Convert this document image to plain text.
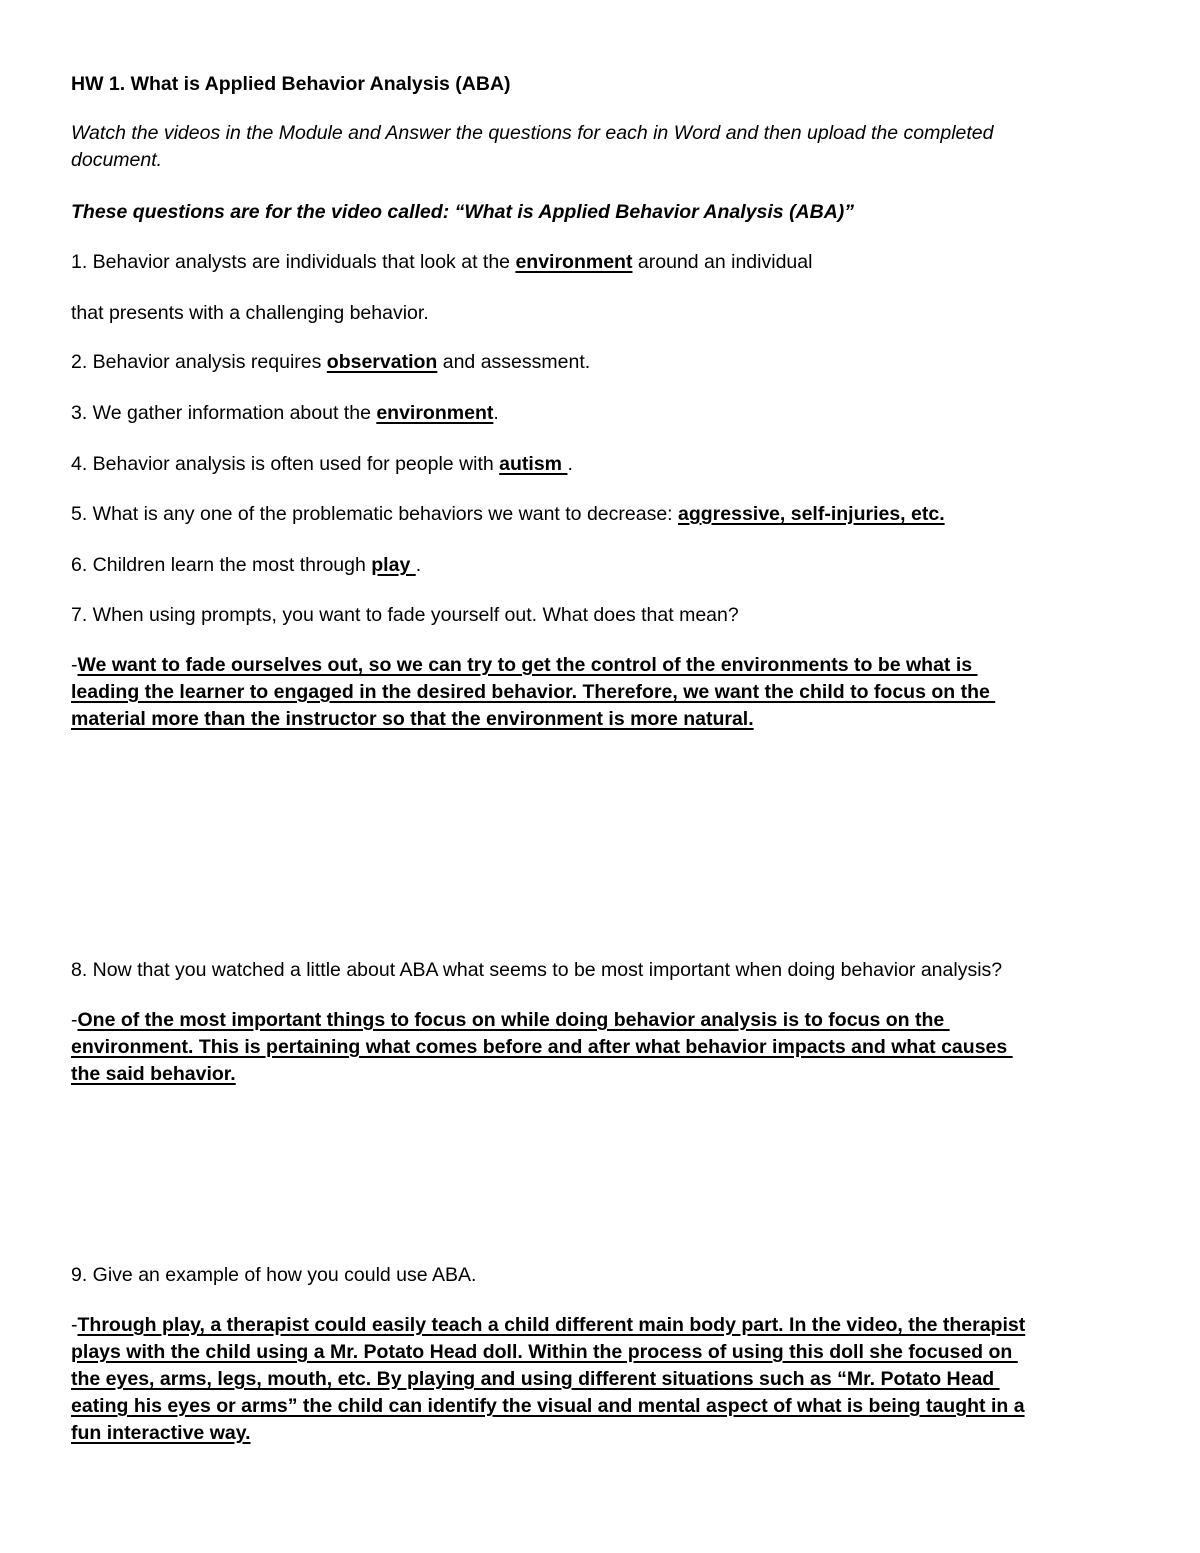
HW 1. What is Applied Behavior Analysis (ABA)
Watch the videos in the Module and Answer the questions for each in Word and then upload the completed
document.
These questions are for the video called: “What is Applied Behavior Analysis (ABA)”
1. Behavior analysts are individuals that look at the environment around an individual
that presents with a challenging behavior.
2. Behavior analysis requires observation and assessment.
3. We gather information about the environment.
4. Behavior analysis is often used for people with autism .
5. What is any one of the problematic behaviors we want to decrease: aggressive, self-injuries, etc.
6. Children learn the most through play .
7. When using prompts, you want to fade yourself out. What does that mean?
-We want to fade ourselves out, so we can try to get the control of the environments to be what is
leading the learner to engaged in the desired behavior. Therefore, we want the child to focus on the
material more than the instructor so that the environment is more natural.
8. Now that you watched a little about ABA what seems to be most important when doing behavior analysis?
-One of the most important things to focus on while doing behavior analysis is to focus on the
environment. This is pertaining what comes before and after what behavior impacts and what causes
the said behavior.
9. Give an example of how you could use ABA.
-Through play, a therapist could easily teach a child different main body part. In the video, the therapist
plays with the child using a Mr. Potato Head doll. Within the process of using this doll she focused on
the eyes, arms, legs, mouth, etc. By playing and using different situations such as “Mr. Potato Head
eating his eyes or arms” the child can identify the visual and mental aspect of what is being taught in a
fun interactive way.
